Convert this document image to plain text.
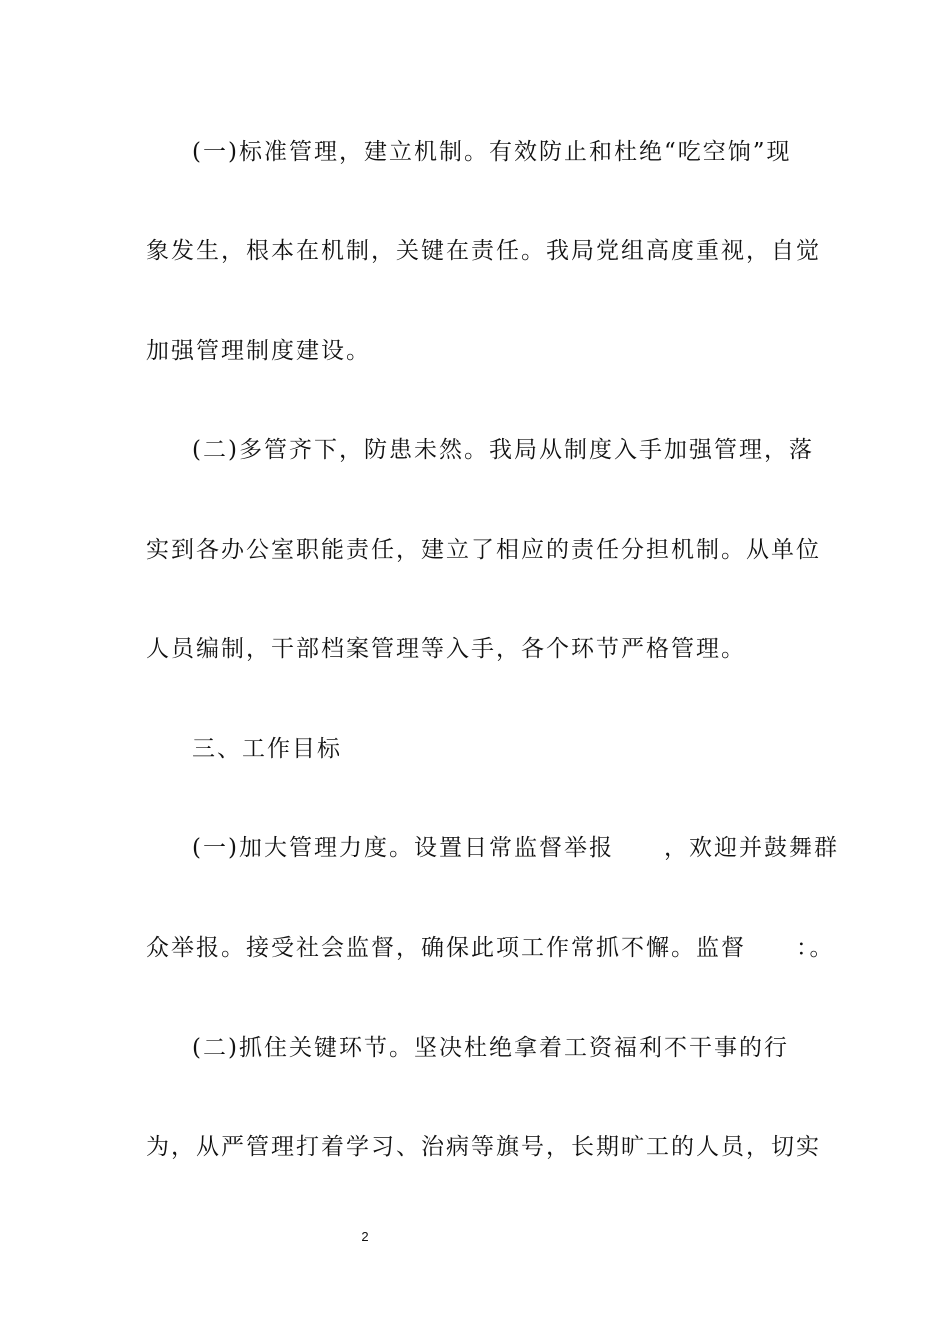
(一)标准管理，建立机制。有效防止和杜绝“吃空饷”现
象发生，根本在机制，关键在责任。我局党组高度重视，自觉
加强管理制度建设。
(二)多管齐下，防患未然。我局从制度入手加强管理，落
实到各办公室职能责任，建立了相应的责任分担机制。从单位
人员编制，干部档案管理等入手，各个环节严格管理。
三、工作目标
(一)加大管理力度。设置日常监督举报　　，欢迎并鼓舞群
众举报。接受社会监督，确保此项工作常抓不懈。监督　　：。
(二)抓住关键环节。坚决杜绝拿着工资福利不干事的行
为，从严管理打着学习、治病等旗号，长期旷工的人员，切实
2
